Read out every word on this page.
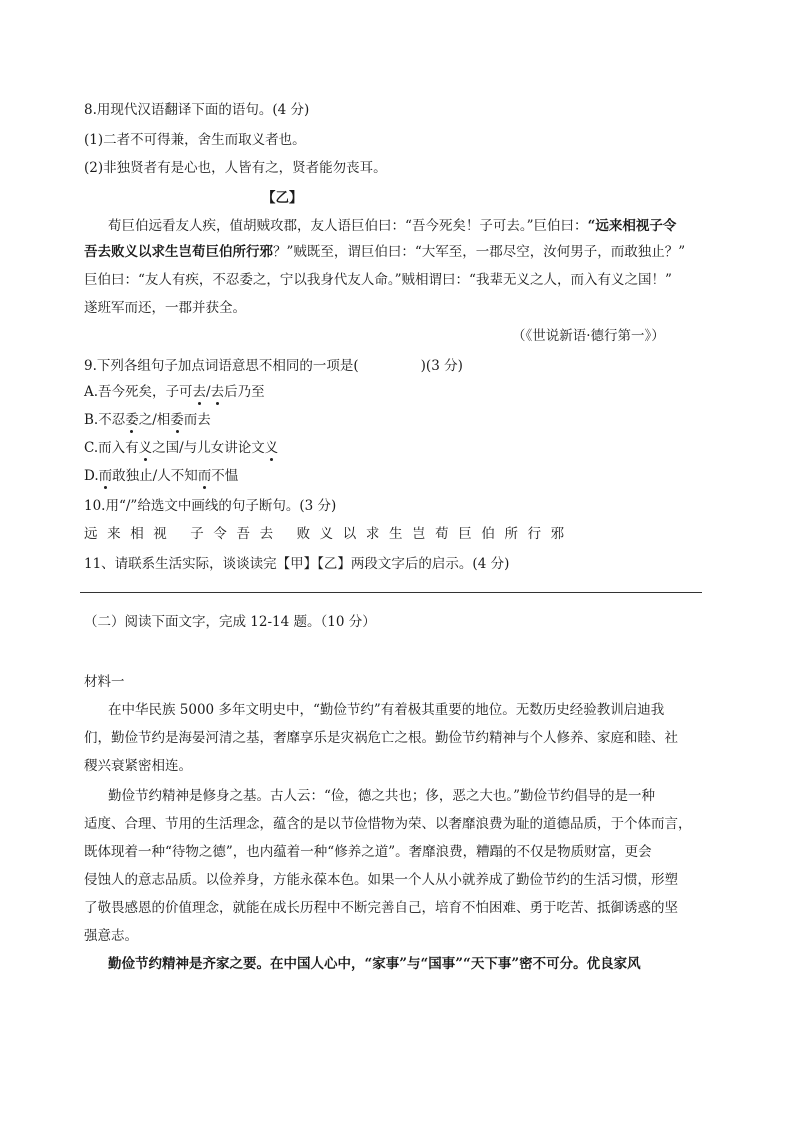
8.用现代汉语翻译下面的语句。(4 分)
(1)二者不可得兼，舍生而取义者也。
(2)非独贤者有是心也，人皆有之，贤者能勿丧耳。
【乙】
荀巨伯远看友人疾，值胡贼攻郡，友人语巨伯曰：“吾今死矣！子可去。”巨伯曰：“远来相视子令
吾去败义以求生岂荀巨伯所行邪？”贼既至，谓巨伯曰：“大军至，一郡尽空，汝何男子，而敢独止？”
巨伯曰：“友人有疾，不忍委之，宁以我身代友人命。”贼相谓曰：“我辈无义之人，而入有义之国！”
遂班军而还，一郡并获全。
（《世说新语·德行第一》）
9.下列各组句子加点词语意思不相同的一项是(	)(3 分)
A.吾今死矣，子可去/去后乃至
B.不忍委之/相委而去
C.而入有义之国/与儿女讲论文义
D.而敢独止/人不知而不愠
10.用“/”给选文中画线的句子断句。(3 分)
远来相视 子令吾去 败义以求生岂荀巨伯所行邪
11、请联系生活实际，谈谈读完【甲】【乙】两段文字后的启示。(4 分)
（二）阅读下面文字，完成 12-14 题。（10 分）
材料一
在中华民族 5000 多年文明史中，“勤俭节约”有着极其重要的地位。无数历史经验教训启迪我
们，勤俭节约是海晏河清之基，奢靡享乐是灾祸危亡之根。勤俭节约精神与个人修养、家庭和睦、社
稷兴衰紧密相连。
勤俭节约精神是修身之基。古人云：“俭，德之共也；侈，恶之大也。”勤俭节约倡导的是一种
适度、合理、节用的生活理念，蕴含的是以节俭惜物为荣、以奢靡浪费为耻的道德品质，于个体而言，
既体现着一种“待物之德”，也内蕴着一种“修养之道”。奢靡浪费，糟蹋的不仅是物质财富，更会
侵蚀人的意志品质。以俭养身，方能永葆本色。如果一个人从小就养成了勤俭节约的生活习惯，形塑
了敬畏感恩的价值理念，就能在成长历程中不断完善自己，培育不怕困难、勇于吃苦、抵御诱惑的坚
强意志。
勤俭节约精神是齐家之要。在中国人心中，“家事”与“国事”“天下事”密不可分。优良家风
